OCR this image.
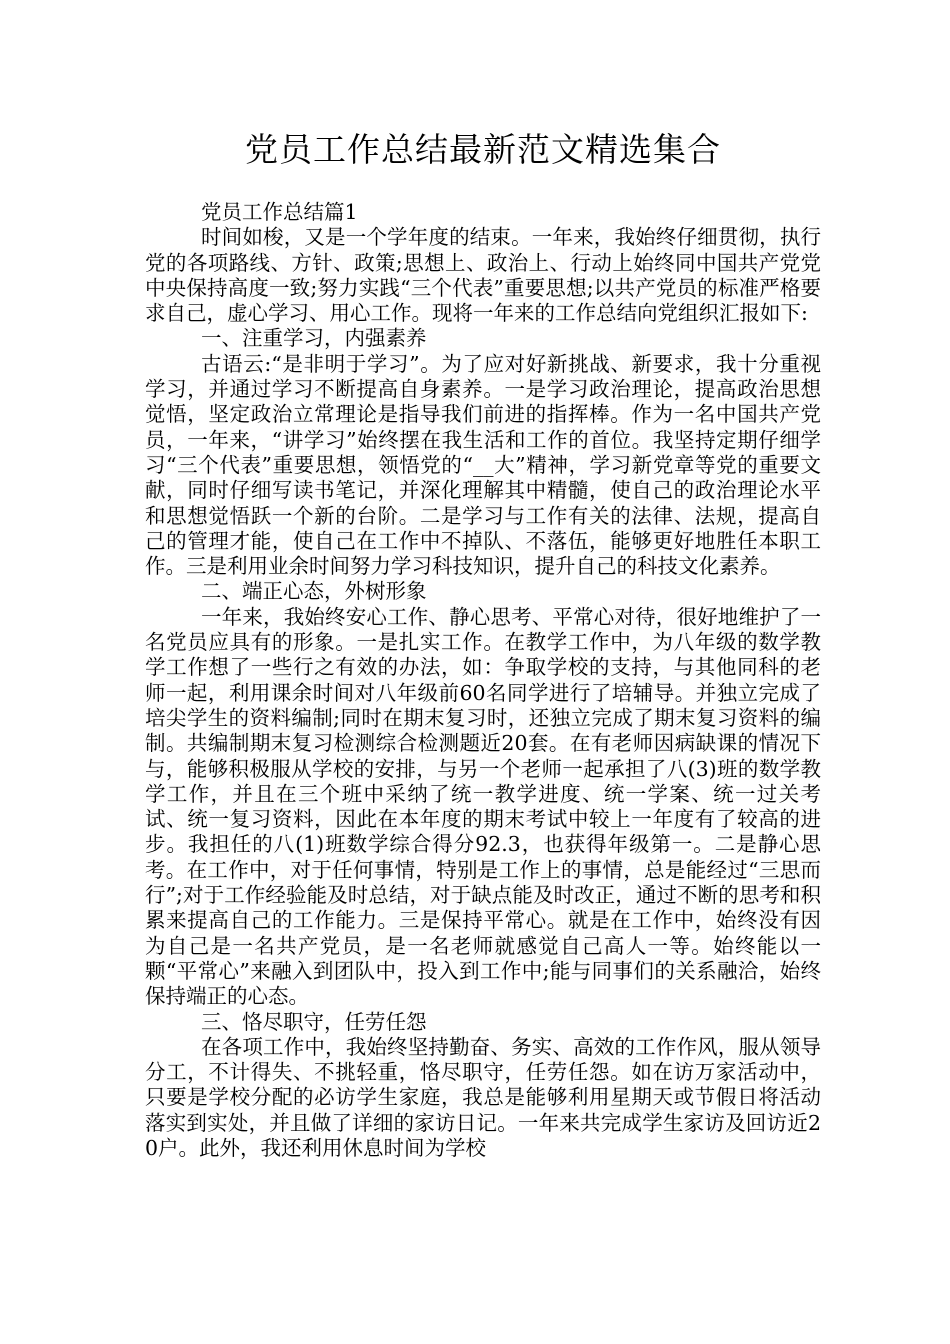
党员工作总结最新范文精选集合

党员工作总结篇1

时间如梭，又是一个学年度的结束。一年来，我始终仔细贯彻，执行党的各项路线、方针、政策;思想上、政治上、行动上始终同中国共产党党中央保持高度一致;努力实践“三个代表”重要思想;以共产党员的标准严格要求自己，虚心学习、用心工作。现将一年来的工作总结向党组织汇报如下:

一、注重学习，内强素养

古语云:“是非明于学习”。为了应对好新挑战、新要求，我十分重视学习，并通过学习不断提高自身素养。一是学习政治理论，提高政治思想觉悟，坚定政治立常理论是指导我们前进的指挥棒。作为一名中国共产党员，一年来，“讲学习”始终摆在我生活和工作的首位。我坚持定期仔细学习“三个代表”重要思想，领悟党的“__大”精神，学习新党章等党的重要文献，同时仔细写读书笔记，并深化理解其中精髓，使自己的政治理论水平和思想觉悟跃一个新的台阶。二是学习与工作有关的法律、法规，提高自己的管理才能，使自己在工作中不掉队、不落伍，能够更好地胜任本职工作。三是利用业余时间努力学习科技知识，提升自己的科技文化素养。

二、端正心态，外树形象

一年来，我始终安心工作、静心思考、平常心对待，很好地维护了一名党员应具有的形象。一是扎实工作。在教学工作中，为八年级的数学教学工作想了一些行之有效的办法，如：争取学校的支持，与其他同科的老师一起，利用课余时间对八年级前60名同学进行了培辅导。并独立完成了培尖学生的资料编制;同时在期末复习时，还独立完成了期末复习资料的编制。共编制期末复习检测综合检测题近20套。在有老师因病缺课的情况下与，能够积极服从学校的安排，与另一个老师一起承担了八(3)班的数学教学工作，并且在三个班中采纳了统一教学进度、统一学案、统一过关考试、统一复习资料，因此在本年度的期末考试中较上一年度有了较高的进步。我担任的八(1)班数学综合得分92.3，也获得年级第一。二是静心思考。在工作中，对于任何事情，特别是工作上的事情，总是能经过“三思而行”;对于工作经验能及时总结，对于缺点能及时改正，通过不断的思考和积累来提高自己的工作能力。三是保持平常心。就是在工作中，始终没有因为自己是一名共产党员，是一名老师就感觉自己高人一等。始终能以一颗“平常心”来融入到团队中，投入到工作中;能与同事们的关系融洽，始终保持端正的心态。

三、恪尽职守，任劳任怨

在各项工作中，我始终坚持勤奋、务实、高效的工作作风，服从领导分工，不计得失、不挑轻重，恪尽职守，任劳任怨。如在访万家活动中，只要是学校分配的必访学生家庭，我总是能够利用星期天或节假日将活动落实到实处，并且做了详细的家访日记。一年来共完成学生家访及回访近20户。此外，我还利用休息时间为学校
